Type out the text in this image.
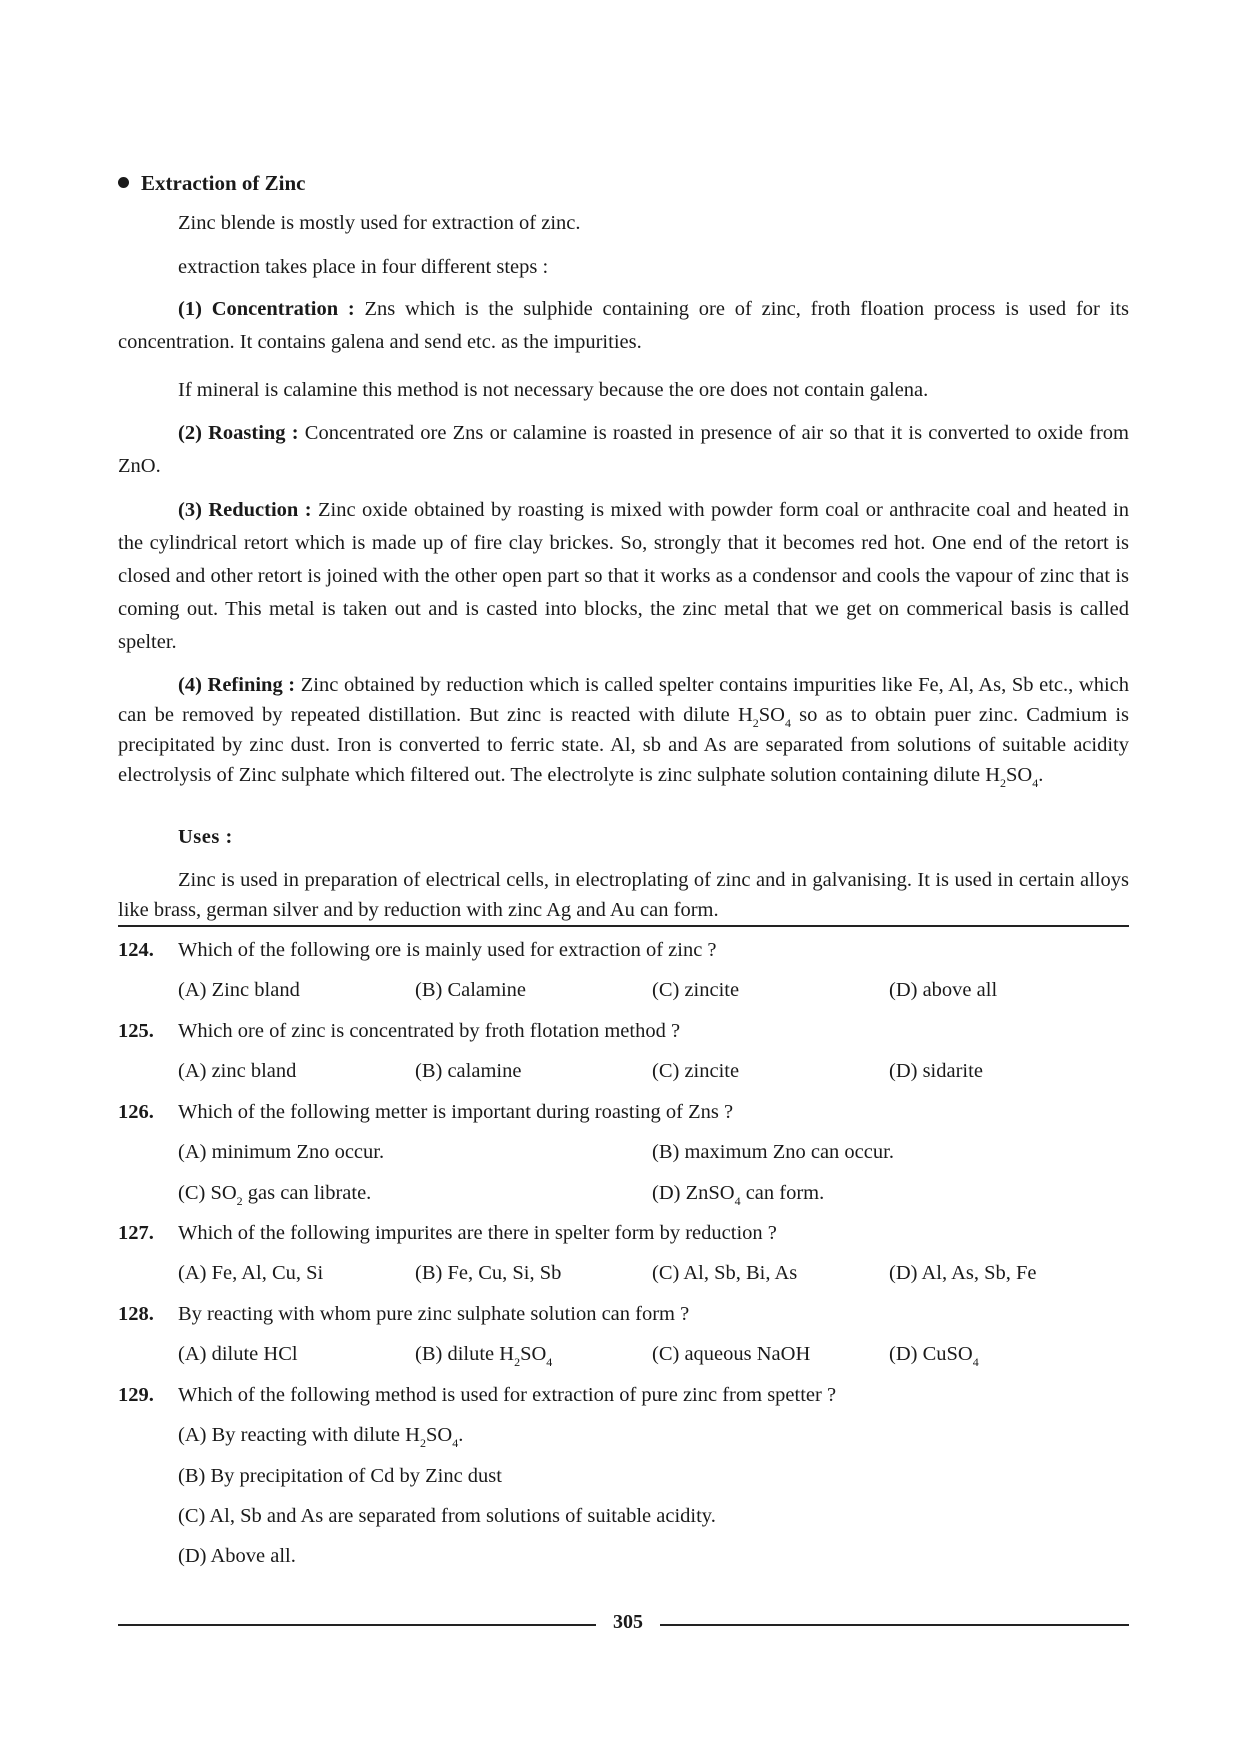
Extraction of Zinc
Zinc blende is mostly used for extraction of zinc.
extraction takes place in four different steps :
(1) Concentration : Zns which is the sulphide containing ore of zinc, froth floation process is used for its concentration. It contains galena and send etc. as the impurities.
If mineral is calamine this method is not necessary because the ore does not contain galena.
(2) Roasting : Concentrated ore Zns or calamine is roasted in presence of air so that it is converted to oxide from ZnO.
(3) Reduction : Zinc oxide obtained by roasting is mixed with powder form coal or anthracite coal and heated in the cylindrical retort which is made up of fire clay brickes. So, strongly that it becomes red hot. One end of the retort is closed and other retort is joined with the other open part so that it works as a condensor and cools the vapour of zinc that is coming out. This metal is taken out and is casted into blocks, the zinc metal that we get on commerical basis is called spelter.
(4) Refining : Zinc obtained by reduction which is called spelter contains impurities like Fe, Al, As, Sb etc., which can be removed by repeated distillation. But zinc is reacted with dilute $H_2SO_4$ so as to obtain puer zinc. Cadmium is precipitated by zinc dust. Iron is converted to ferric state. Al, sb and As are separated from solutions of suitable acidity electrolysis of Zinc sulphate which filtered out. The electrolyte is zinc sulphate solution containing dilute $H_2SO_4$.
Uses :
Zinc is used in preparation of electrical cells, in electroplating of zinc and in galvanising. It is used in certain alloys like brass, german silver and by reduction with zinc Ag and Au can form.
124. Which of the following ore is mainly used for extraction of zinc ?
(A) Zinc bland	(B) Calamine	(C) zincite	(D) above all
125. Which ore of zinc is concentrated by froth flotation method ?
(A) zinc bland	(B) calamine	(C) zincite	(D) sidarite
126. Which of the following metter is important during roasting of Zns ?
(A) minimum Zno occur.	(B) maximum Zno can occur.
(C) $SO_2$ gas can librate.	(D) ZnSO$_4$ can form.
127. Which of the following impurites are there in spelter form by reduction ?
(A) Fe, Al, Cu, Si	(B) Fe, Cu, Si, Sb	(C) Al, Sb, Bi, As	(D) Al, As, Sb, Fe
128. By reacting with whom pure zinc sulphate solution can form ?
(A) dilute HCl	(B) dilute $H_2SO_4$	(C) aqueous NaOH	(D) CuSO$_4$
129. Which of the following method is used for extraction of pure zinc from spetter ?
(A) By reacting with dilute $H_2SO_4$.
(B) By precipitation of Cd by Zinc dust
(C) Al, Sb and As are separated from solutions of suitable acidity.
(D) Above all.
305
